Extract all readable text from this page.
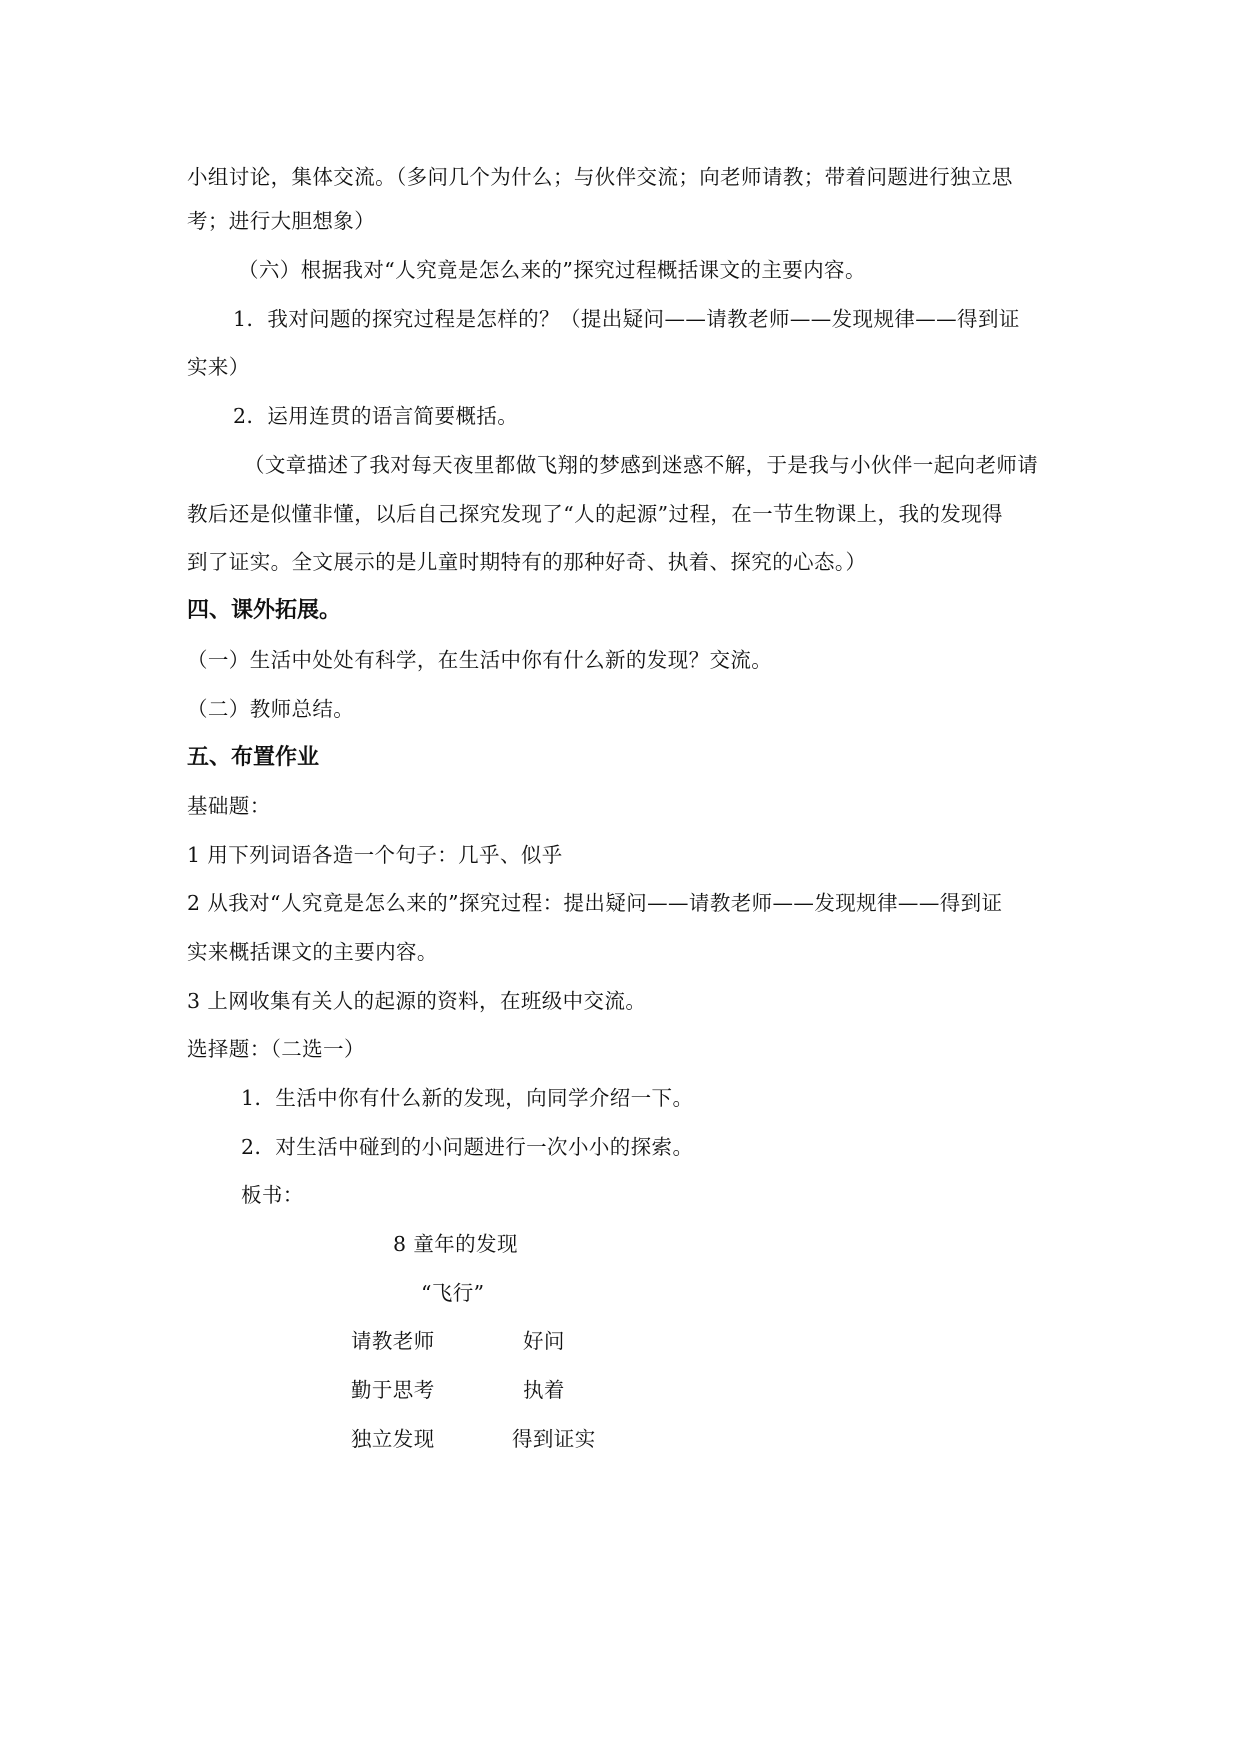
小组讨论，集体交流。（多问几个为什么；与伙伴交流；向老师请教；带着问题进行独立思
考；进行大胆想象）
（六）根据我对“人究竟是怎么来的”探究过程概括课文的主要内容。
1．我对问题的探究过程是怎样的？（提出疑问——请教老师——发现规律——得到证
实来）
2．运用连贯的语言简要概括。
（文章描述了我对每天夜里都做飞翔的梦感到迷惑不解，于是我与小伙伴一起向老师请
教后还是似懂非懂，以后自己探究发现了“人的起源”过程，在一节生物课上，我的发现得
到了证实。全文展示的是儿童时期特有的那种好奇、执着、探究的心态。）
四、课外拓展。
（一）生活中处处有科学，在生活中你有什么新的发现？交流。
（二）教师总结。
五、布置作业
基础题：
1 用下列词语各造一个句子：几乎、似乎
2 从我对“人究竟是怎么来的”探究过程：提出疑问——请教老师——发现规律——得到证
实来概括课文的主要内容。
3 上网收集有关人的起源的资料，在班级中交流。
选择题：（二选一）
1．生活中你有什么新的发现，向同学介绍一下。
2．对生活中碰到的小问题进行一次小小的探索。
板书：
8 童年的发现
“飞行”
请教老师	好问
勤于思考	执着
独立发现	得到证实
